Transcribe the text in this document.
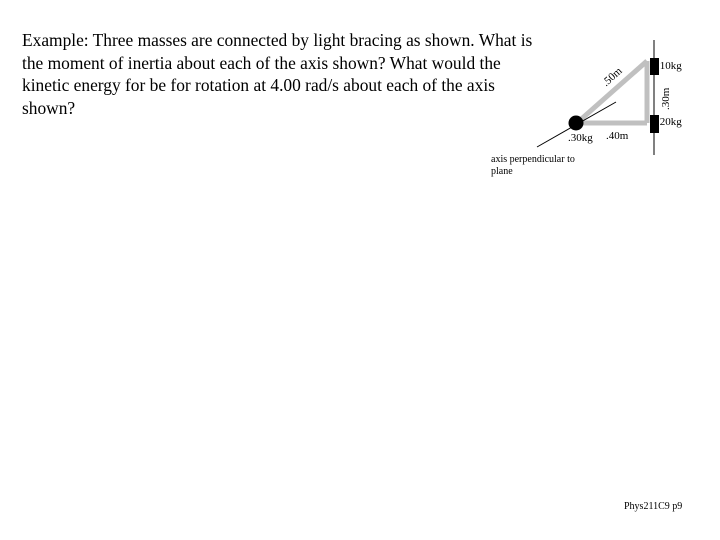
Example: Three masses are connected by light bracing as shown. What is the moment of inertia about each of the axis shown? What would the kinetic energy for be for rotation at 4.00 rad/s about each of the axis shown?

.10kg
.20kg
.30kg .40m
.50m
.30m
axis perpendicular to plane
Phys211C9 p9
